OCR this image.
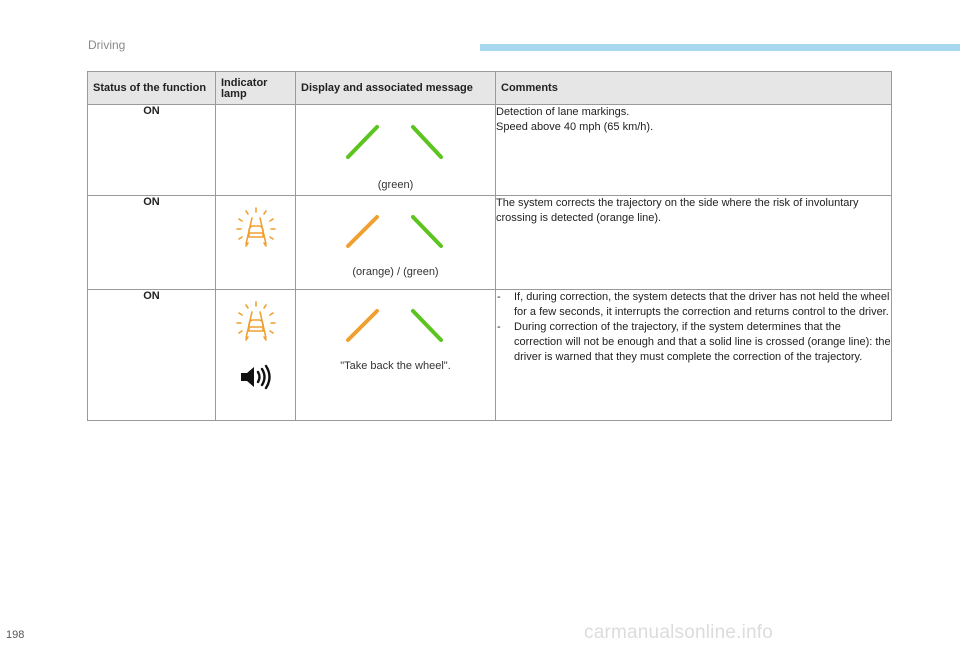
Driving
Status of the function	Indicator lamp	Display and associated message	Comments
ON		(green)	Detection of lane markings.
Speed above 40 mph (65 km/h).

ON		(orange) / (green)	The system corrects the trajectory on the side where the risk of involuntary crossing is detected (orange line).

ON		"Take back the wheel".	- If, during correction, the system detects that the driver has not held the wheel for a few seconds, it interrupts the correction and returns control to the driver.
- During correction of the trajectory, if the system determines that the correction will not be enough and that a solid line is crossed (orange line): the driver is warned that they must complete the correction of the trajectory.
198	carmanualsonline.info
